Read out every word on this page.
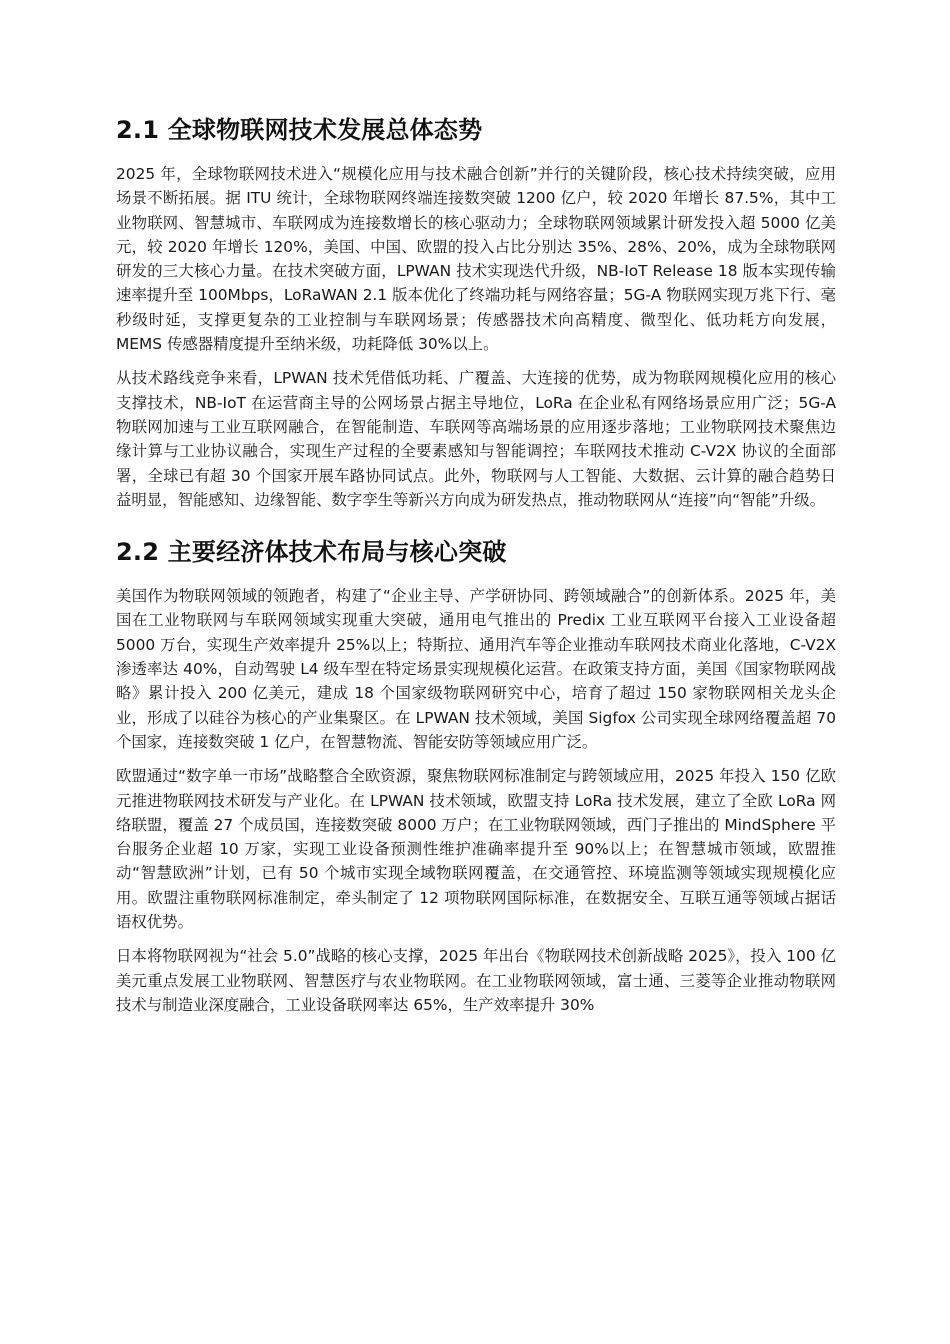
2.1 全球物联网技术发展总体态势

2025 年，全球物联网技术进入“规模化应用与技术融合创新”并行的关键阶段，核心技术持续突破，应用场景不断拓展。据 ITU 统计，全球物联网终端连接数突破 1200 亿户，较 2020 年增长 87.5%，其中工业物联网、智慧城市、车联网成为连接数增长的核心驱动力；全球物联网领域累计研发投入超 5000 亿美元，较 2020 年增长 120%，美国、中国、欧盟的投入占比分别达 35%、28%、20%，成为全球物联网研发的三大核心力量。在技术突破方面，LPWAN 技术实现迭代升级，NB-IoT Release 18 版本实现传输速率提升至 100Mbps，LoRaWAN 2.1 版本优化了终端功耗与网络容量；5G-A 物联网实现万兆下行、毫秒级时延，支撑更复杂的工业控制与车联网场景；传感器技术向高精度、微型化、低功耗方向发展，MEMS 传感器精度提升至纳米级，功耗降低 30%以上。

从技术路线竞争来看，LPWAN 技术凭借低功耗、广覆盖、大连接的优势，成为物联网规模化应用的核心支撑技术，NB-IoT 在运营商主导的公网场景占据主导地位，LoRa 在企业私有网络场景应用广泛；5G-A 物联网加速与工业互联网融合，在智能制造、车联网等高端场景的应用逐步落地；工业物联网技术聚焦边缘计算与工业协议融合，实现生产过程的全要素感知与智能调控；车联网技术推动 C-V2X 协议的全面部署，全球已有超 30 个国家开展车路协同试点。此外，物联网与人工智能、大数据、云计算的融合趋势日益明显，智能感知、边缘智能、数字孪生等新兴方向成为研发热点，推动物联网从“连接”向“智能”升级。

2.2 主要经济体技术布局与核心突破

美国作为物联网领域的领跑者，构建了“企业主导、产学研协同、跨领域融合”的创新体系。2025 年，美国在工业物联网与车联网领域实现重大突破，通用电气推出的 Predix 工业互联网平台接入工业设备超 5000 万台，实现生产效率提升 25%以上；特斯拉、通用汽车等企业推动车联网技术商业化落地，C-V2X 渗透率达 40%，自动驾驶 L4 级车型在特定场景实现规模化运营。在政策支持方面，美国《国家物联网战略》累计投入 200 亿美元，建成 18 个国家级物联网研究中心，培育了超过 150 家物联网相关龙头企业，形成了以硅谷为核心的产业集聚区。在 LPWAN 技术领域，美国 Sigfox 公司实现全球网络覆盖超 70 个国家，连接数突破 1 亿户，在智慧物流、智能安防等领域应用广泛。

欧盟通过“数字单一市场”战略整合全欧资源，聚焦物联网标准制定与跨领域应用，2025 年投入 150 亿欧元推进物联网技术研发与产业化。在 LPWAN 技术领域，欧盟支持 LoRa 技术发展，建立了全欧 LoRa 网络联盟，覆盖 27 个成员国，连接数突破 8000 万户；在工业物联网领域，西门子推出的 MindSphere 平台服务企业超 10 万家，实现工业设备预测性维护准确率提升至 90%以上；在智慧城市领域，欧盟推动“智慧欧洲”计划，已有 50 个城市实现全域物联网覆盖，在交通管控、环境监测等领域实现规模化应用。欧盟注重物联网标准制定，牵头制定了 12 项物联网国际标准，在数据安全、互联互通等领域占据话语权优势。

日本将物联网视为“社会 5.0”战略的核心支撑，2025 年出台《物联网技术创新战略 2025》，投入 100 亿美元重点发展工业物联网、智慧医疗与农业物联网。在工业物联网领域，富士通、三菱等企业推动物联网技术与制造业深度融合，工业设备联网率达 65%，生产效率提升 30%
